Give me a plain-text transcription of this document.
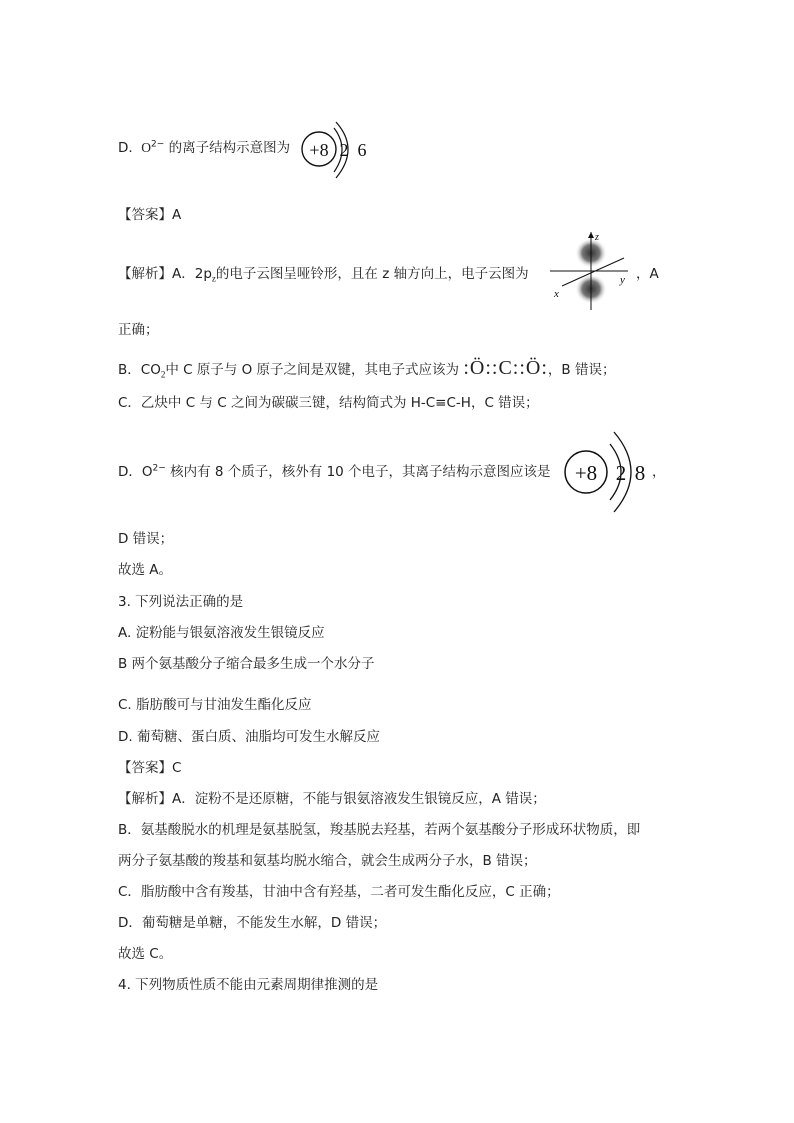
D. $O^{2-}$ 的离子结构示意图为 +8 2 6
【答案】A
【解析】A．$2p_z$的电子云图呈哑铃形，且在 z 轴方向上，电子云图为
z
y
x
，A
正确；
B．$CO_2$中 C 原子与 O 原子之间是双键，其电子式应该为 :Ö::C::Ö:，B 错误；
C．乙炔中 C 与 C 之间为碳碳三键，结构简式为 H-C≡C-H，C 错误；
D．$O^{2-}$ 核内有 8 个质子，核外有 10 个电子，其离子结构示意图应该是 +8 2 8 ，
D 错误；
故选 A。
3. 下列说法正确的是
A. 淀粉能与银氨溶液发生银镜反应
B 两个氨基酸分子缩合最多生成一个水分子
C. 脂肪酸可与甘油发生酯化反应
D. 葡萄糖、蛋白质、油脂均可发生水解反应
【答案】C
【解析】A．淀粉不是还原糖，不能与银氨溶液发生银镜反应，A 错误；
B．氨基酸脱水的机理是氨基脱氢，羧基脱去羟基，若两个氨基酸分子形成环状物质，即
两分子氨基酸的羧基和氨基均脱水缩合，就会生成两分子水，B 错误；
C．脂肪酸中含有羧基，甘油中含有羟基，二者可发生酯化反应，C 正确；
D．葡萄糖是单糖，不能发生水解，D 错误；
故选 C。
4. 下列物质性质不能由元素周期律推测的是
